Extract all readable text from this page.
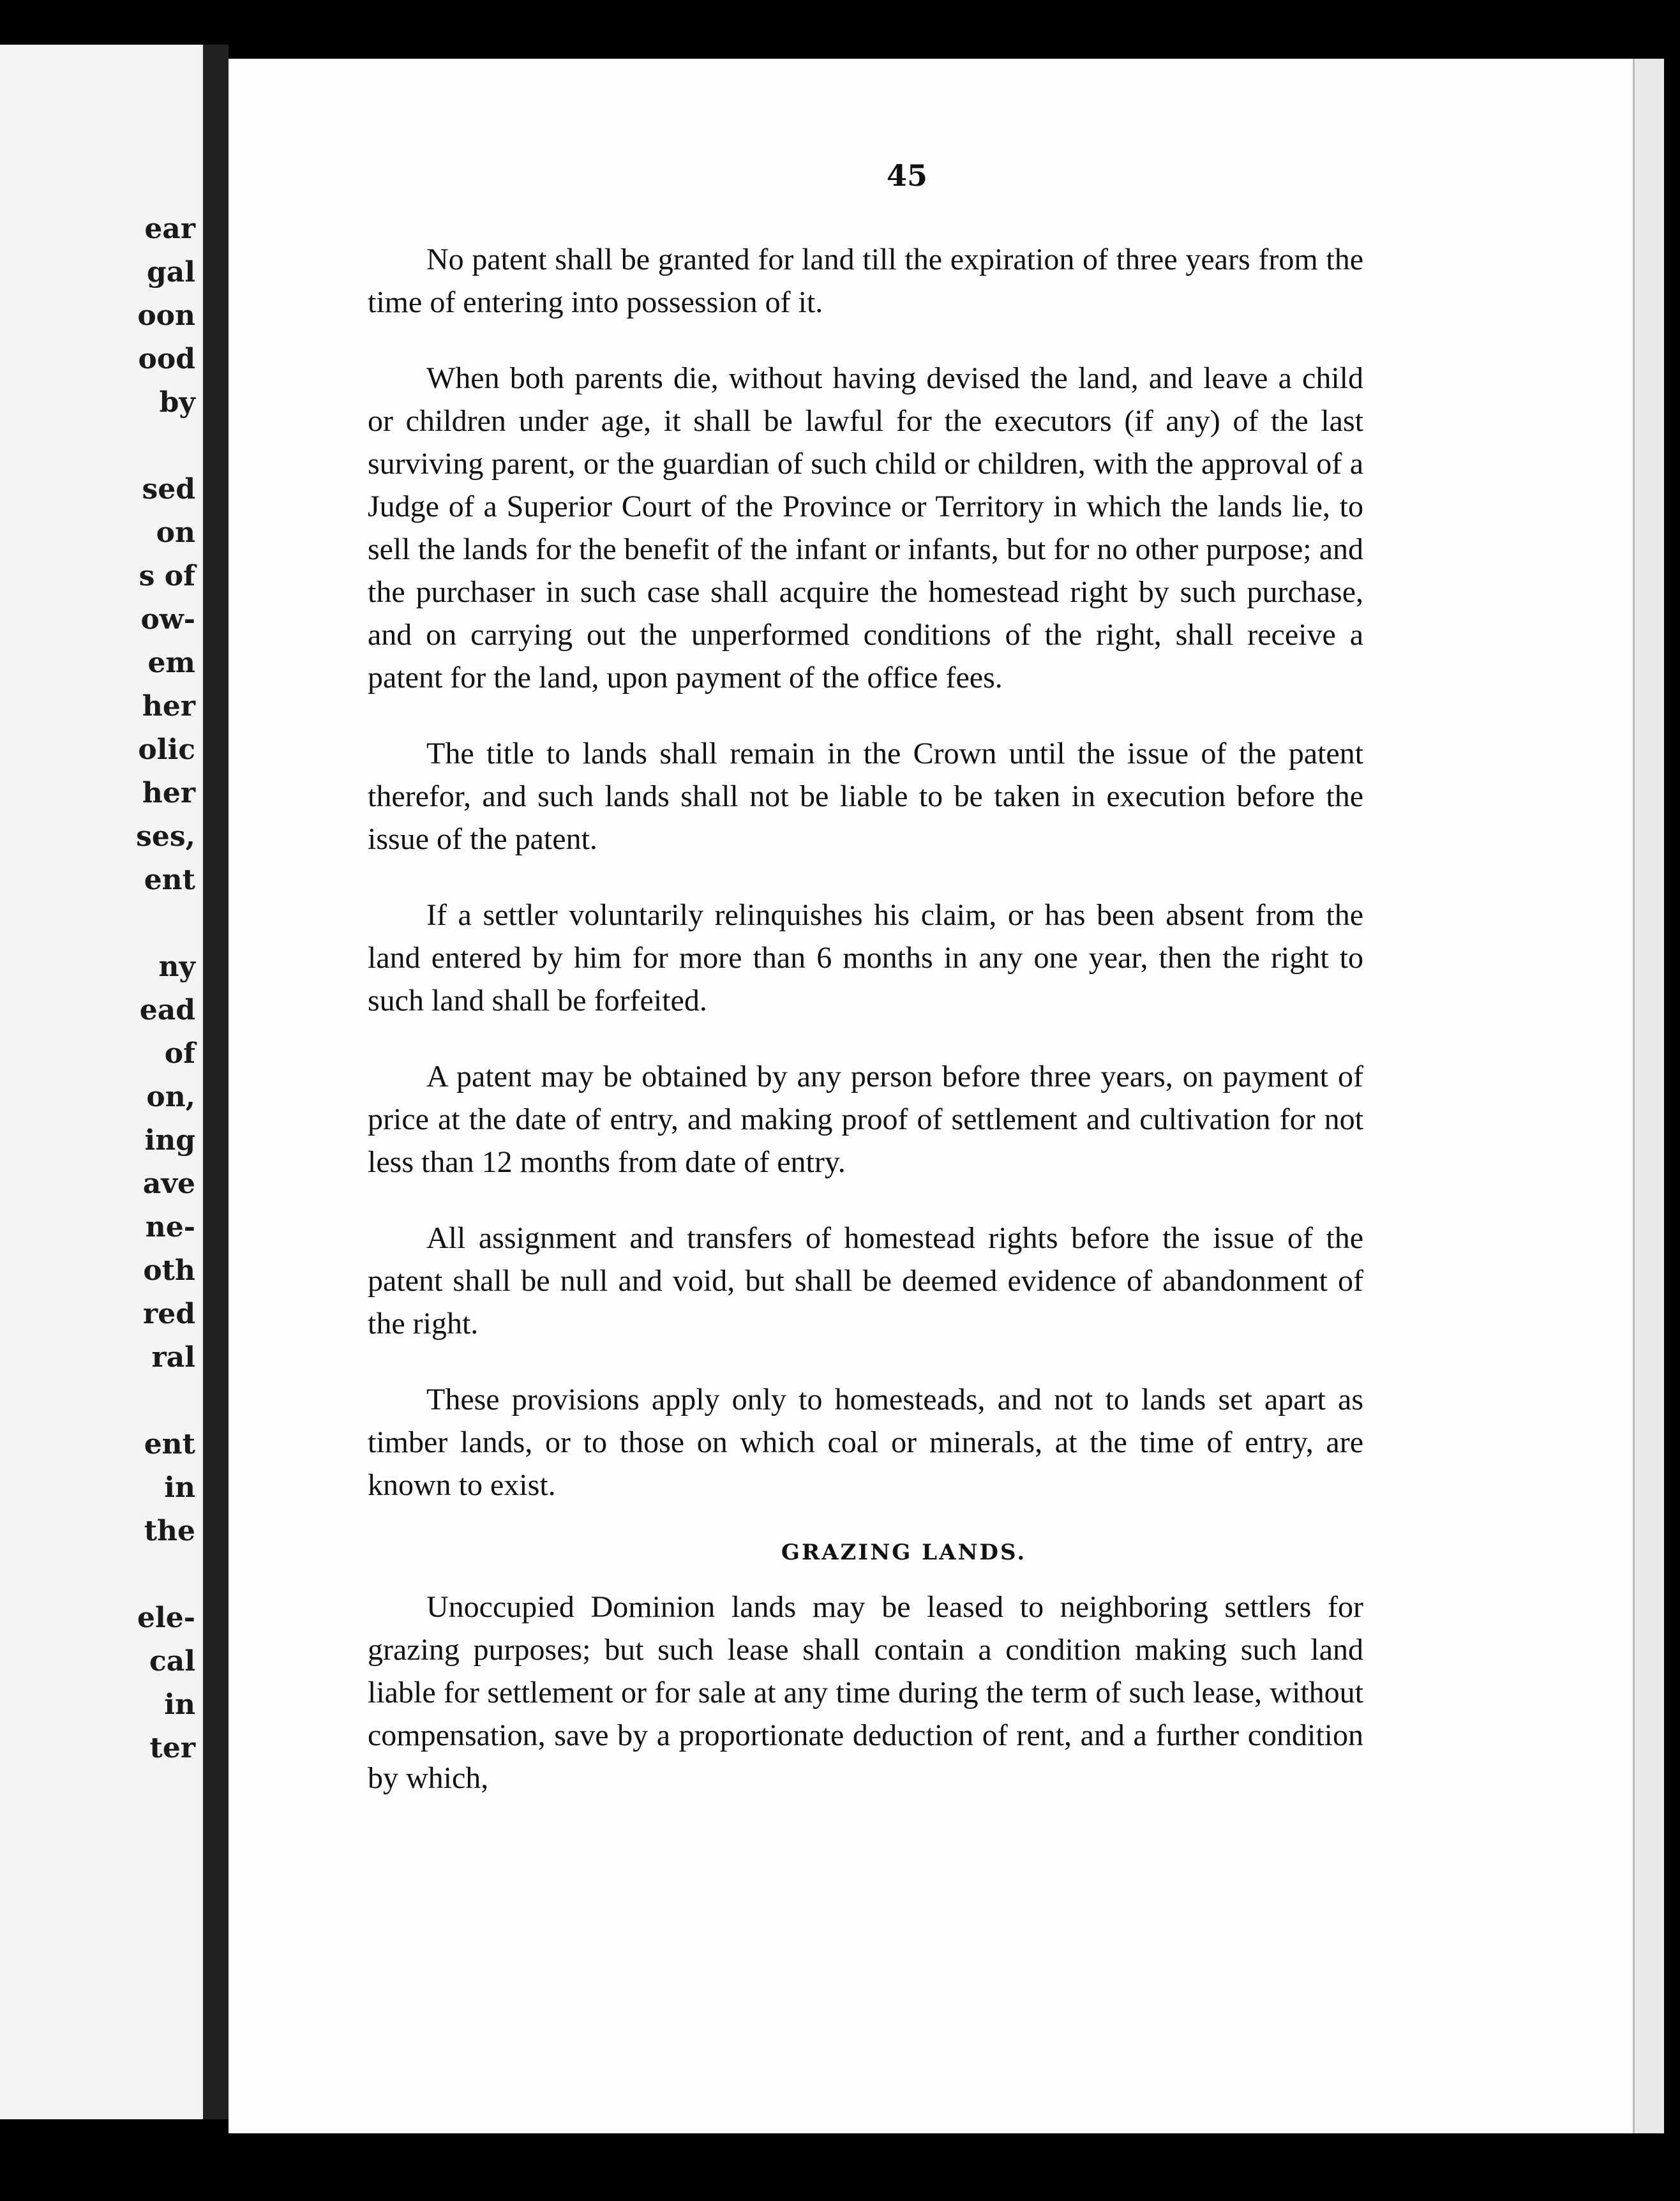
ear
gal
oon
ood
by
sed
on
s of
ow-
em
her
olic
her
ses,
ent
ny
ead
of
on,
ing
ave
ne-
oth
red
ral
ent
in
the
ele-
cal
in
ter
45

No patent shall be granted for land till the expiration of three years from the time of entering into possession of it.

When both parents die, without having devised the land, and leave a child or children under age, it shall be lawful for the executors (if any) of the last surviving parent, or the guardian of such child or children, with the approval of a Judge of a Superior Court of the Province or Territory in which the lands lie, to sell the lands for the benefit of the infant or infants, but for no other purpose; and the purchaser in such case shall acquire the homestead right by such purchase, and on carrying out the unperformed conditions of the right, shall receive a patent for the land, upon payment of the office fees.

The title to lands shall remain in the Crown until the issue of the patent therefor, and such lands shall not be liable to be taken in execution before the issue of the patent.

If a settler voluntarily relinquishes his claim, or has been absent from the land entered by him for more than 6 months in any one year, then the right to such land shall be forfeited.

A patent may be obtained by any person before three years, on payment of price at the date of entry, and making proof of settlement and cultivation for not less than 12 months from date of entry.

All assignment and transfers of homestead rights before the issue of the patent shall be null and void, but shall be deemed evidence of abandonment of the right.

These provisions apply only to homesteads, and not to lands set apart as timber lands, or to those on which coal or minerals, at the time of entry, are known to exist.

GRAZING LANDS.

Unoccupied Dominion lands may be leased to neighboring settlers for grazing purposes; but such lease shall contain a condition making such land liable for settlement or for sale at any time during the term of such lease, without compensation, save by a proportionate deduction of rent, and a further condition by which,
